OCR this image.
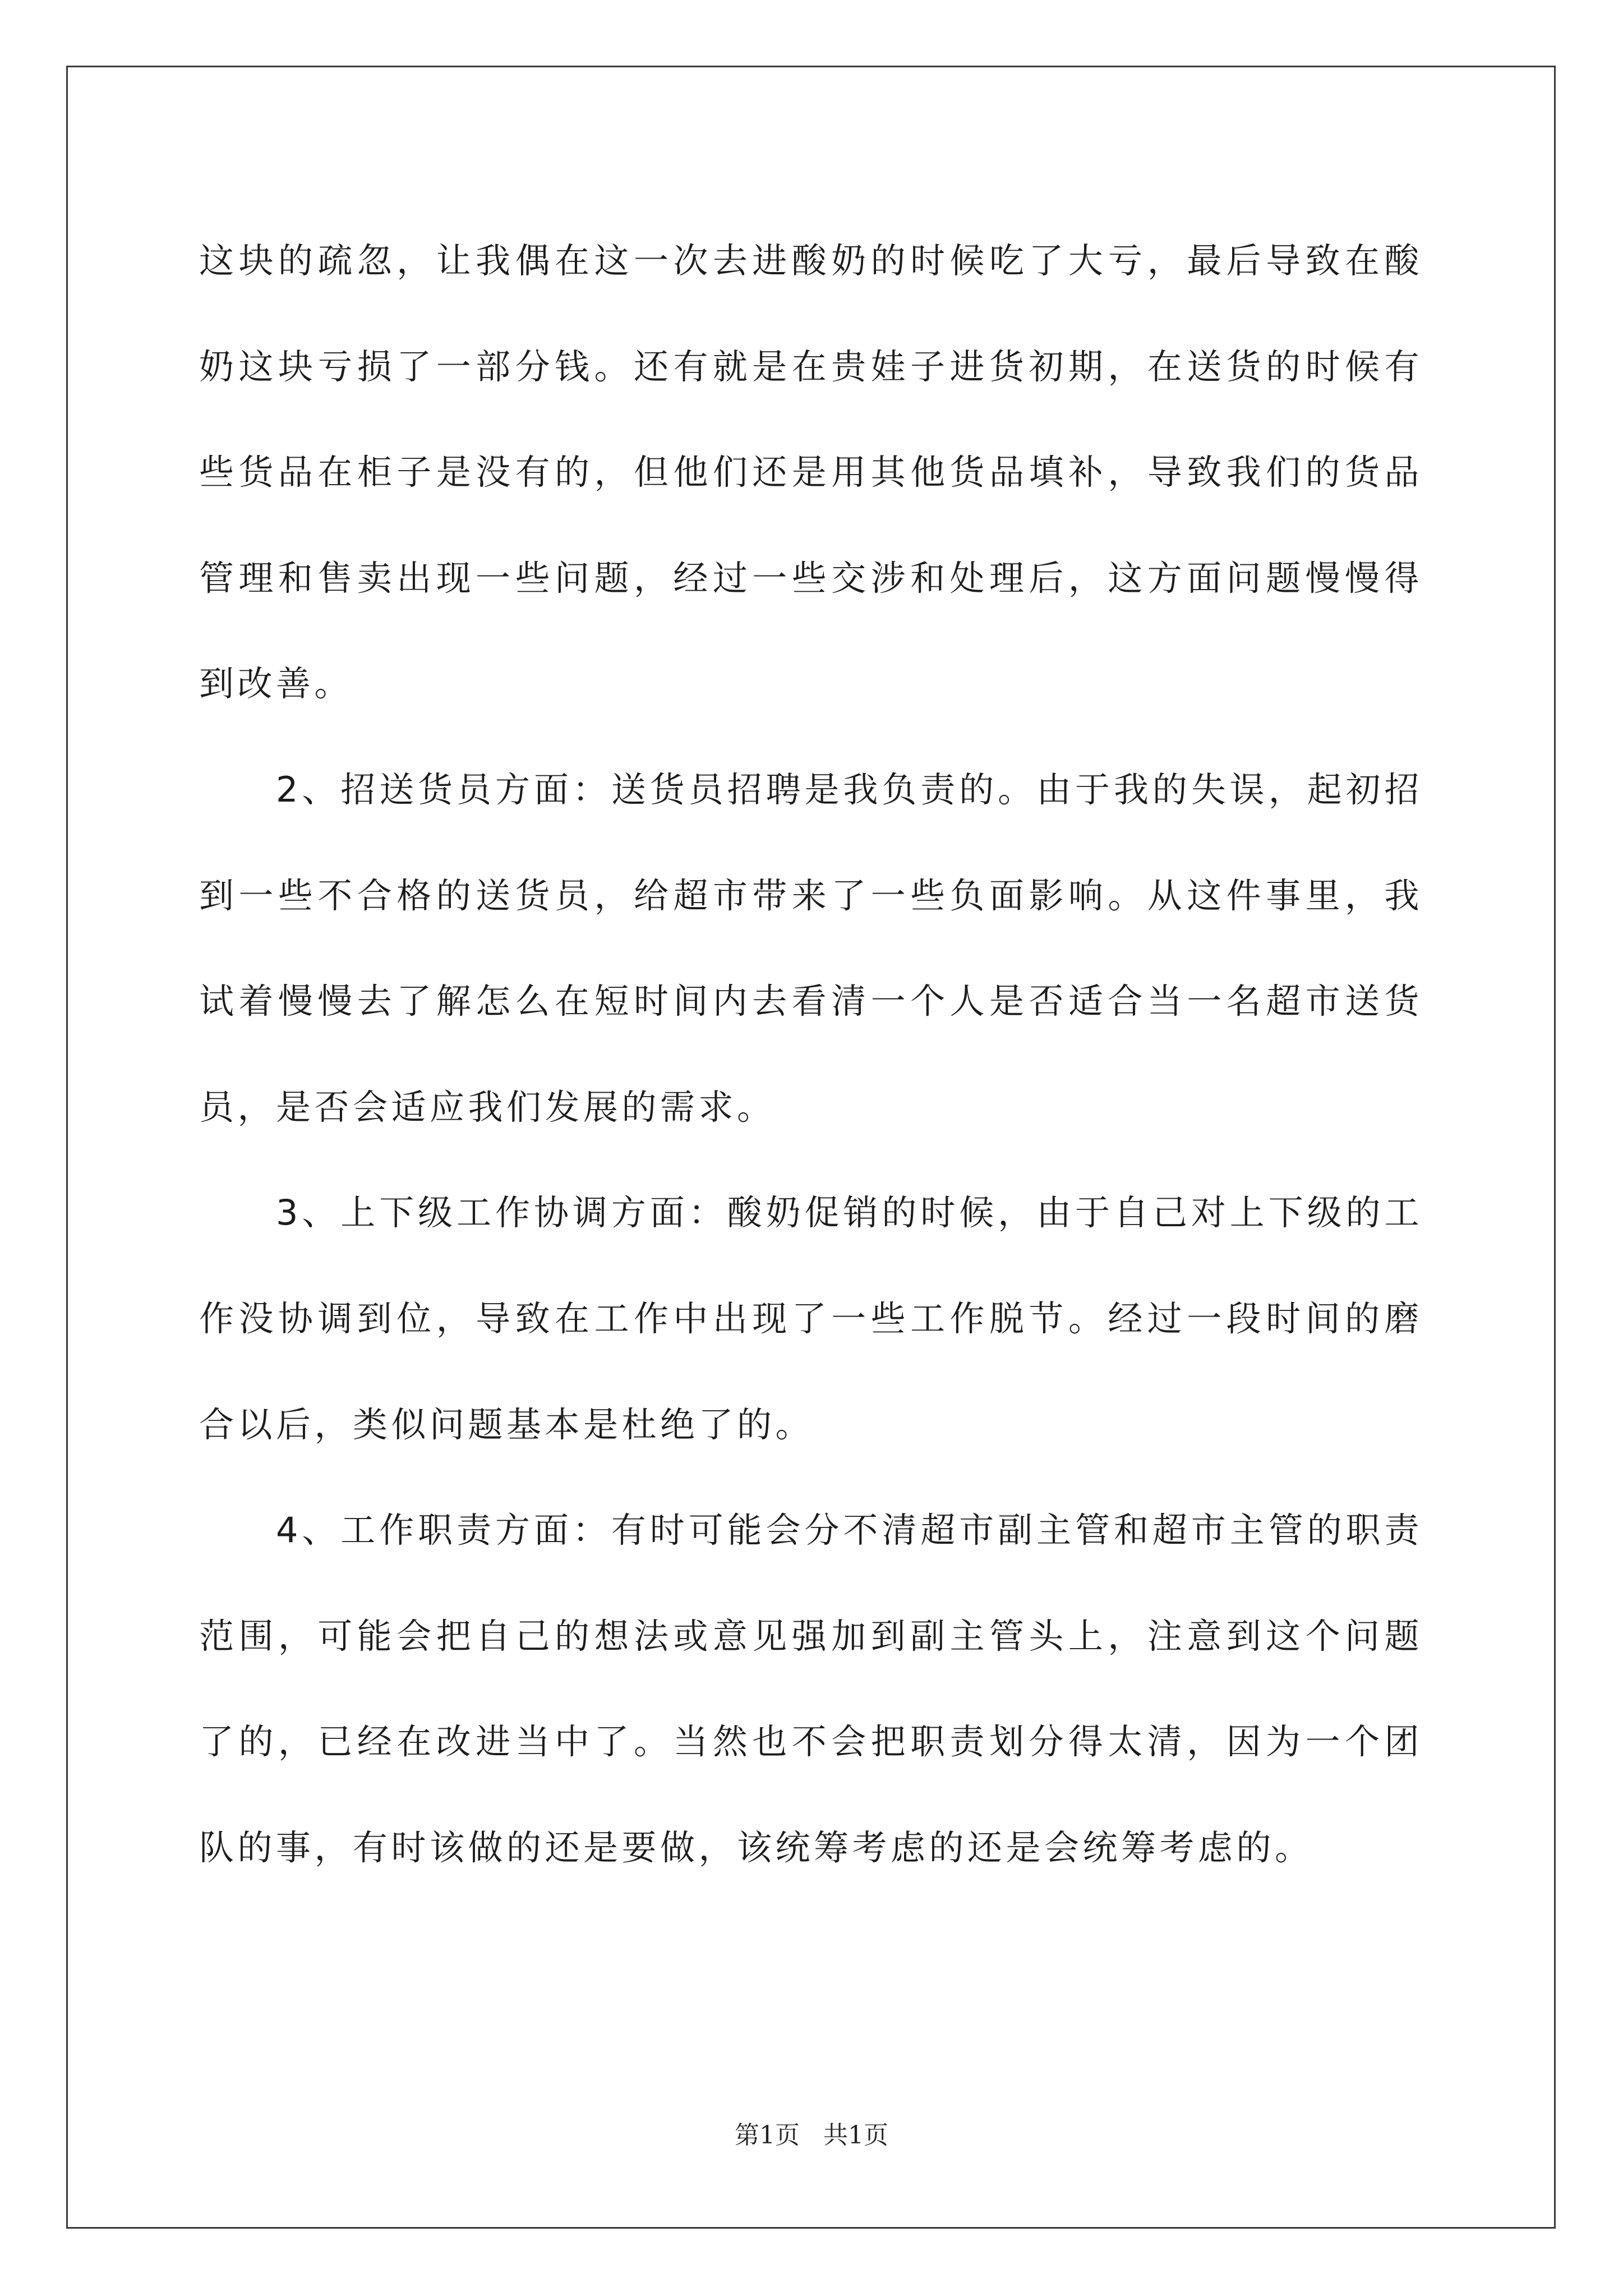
这块的疏忽，让我偶在这一次去进酸奶的时候吃了大亏，最后导致在酸奶这块亏损了一部分钱。还有就是在贵娃子进货初期，在送货的时候有些货品在柜子是没有的，但他们还是用其他货品填补，导致我们的货品管理和售卖出现一些问题，经过一些交涉和处理后，这方面问题慢慢得到改善。

2、招送货员方面：送货员招聘是我负责的。由于我的失误，起初招到一些不合格的送货员，给超市带来了一些负面影响。从这件事里，我试着慢慢去了解怎么在短时间内去看清一个人是否适合当一名超市送货员，是否会适应我们发展的需求。

3、上下级工作协调方面：酸奶促销的时候，由于自己对上下级的工作没协调到位，导致在工作中出现了一些工作脱节。经过一段时间的磨合以后，类似问题基本是杜绝了的。

4、工作职责方面：有时可能会分不清超市副主管和超市主管的职责范围，可能会把自己的想法或意见强加到副主管头上，注意到这个问题了的，已经在改进当中了。当然也不会把职责划分得太清，因为一个团队的事，有时该做的还是要做，该统筹考虑的还是会统筹考虑的。

第1页   共1页
